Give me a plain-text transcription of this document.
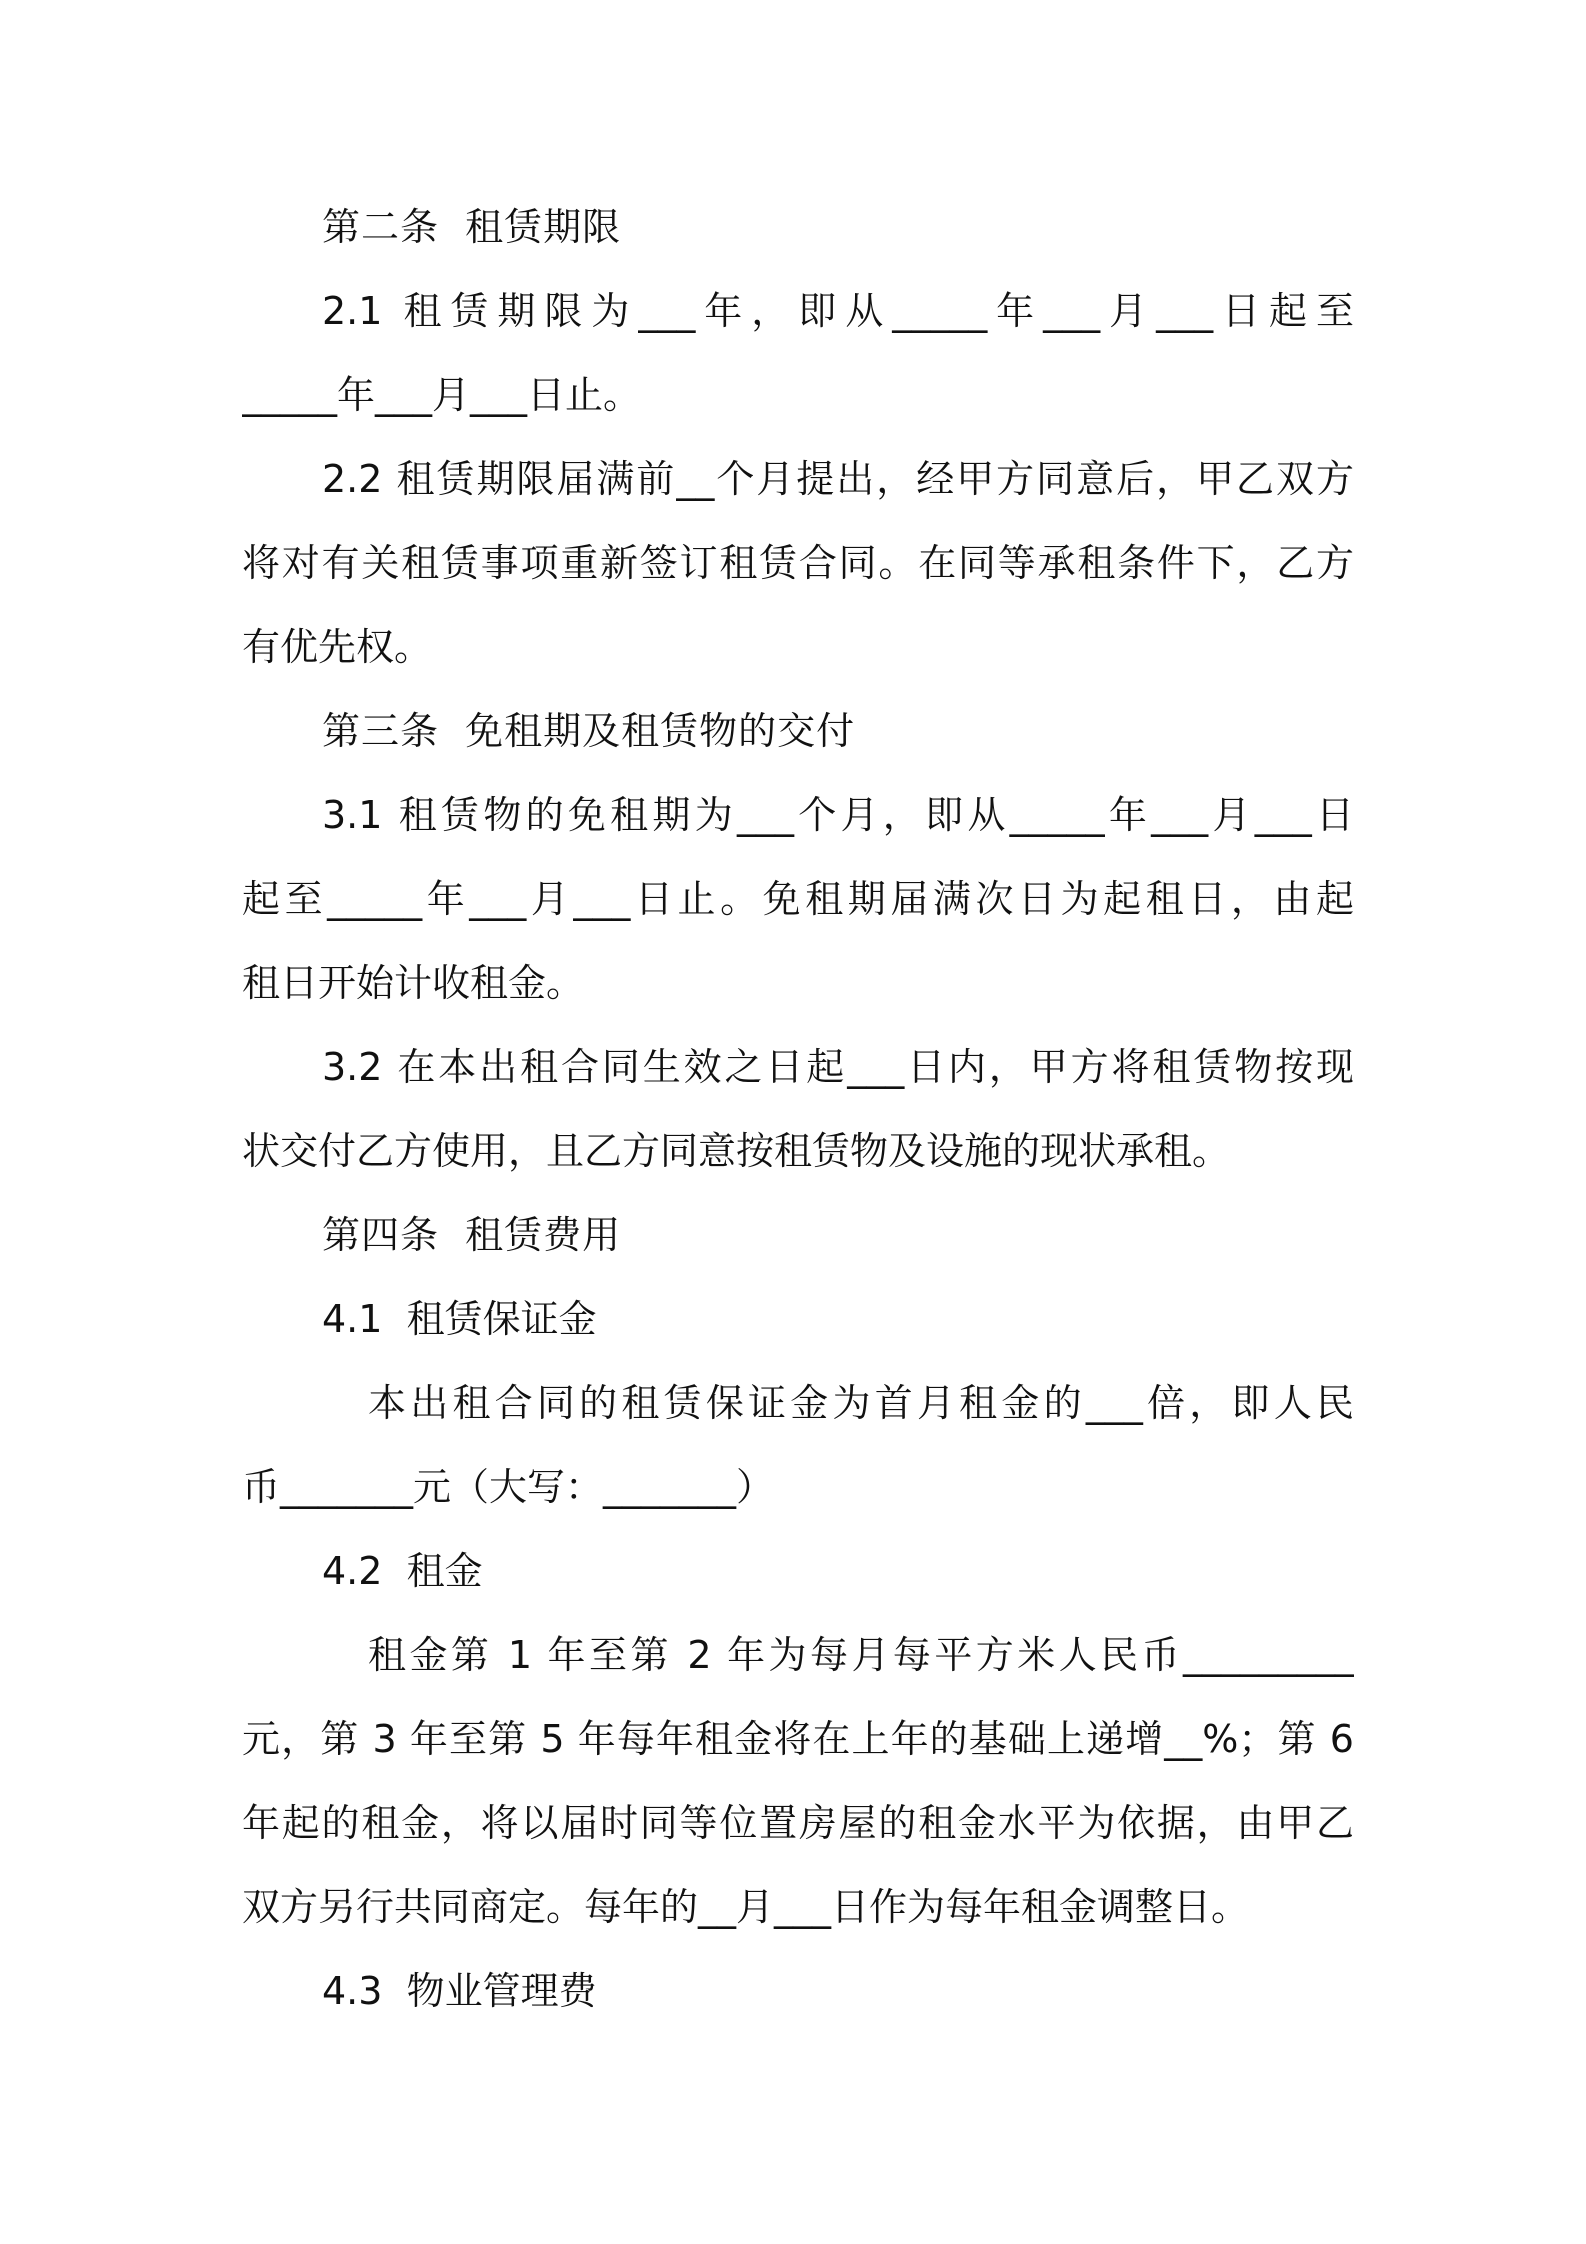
第二条  租赁期限
2.1 租赁期限为___年，即从_____年___月___日起至
_____年___月___日止。
2.2 租赁期限届满前__个月提出，经甲方同意后，甲乙双方
将对有关租赁事项重新签订租赁合同。在同等承租条件下，乙方
有优先权。
第三条  免租期及租赁物的交付
3.1 租赁物的免租期为___个月，即从_____年___月___日
起至_____年___月___日止。免租期届满次日为起租日，由起
租日开始计收租金。
3.2 在本出租合同生效之日起___日内，甲方将租赁物按现
状交付乙方使用，且乙方同意按租赁物及设施的现状承租。
第四条  租赁费用
4.1  租赁保证金
本出租合同的租赁保证金为首月租金的___倍，即人民
币_______元（大写：_______）
4.2  租金
租金第 1 年至第 2 年为每月每平方米人民币_________
元，第 3 年至第 5 年每年租金将在上年的基础上递增__%；第 6
年起的租金，将以届时同等位置房屋的租金水平为依据，由甲乙
双方另行共同商定。每年的__月___日作为每年租金调整日。
4.3  物业管理费
